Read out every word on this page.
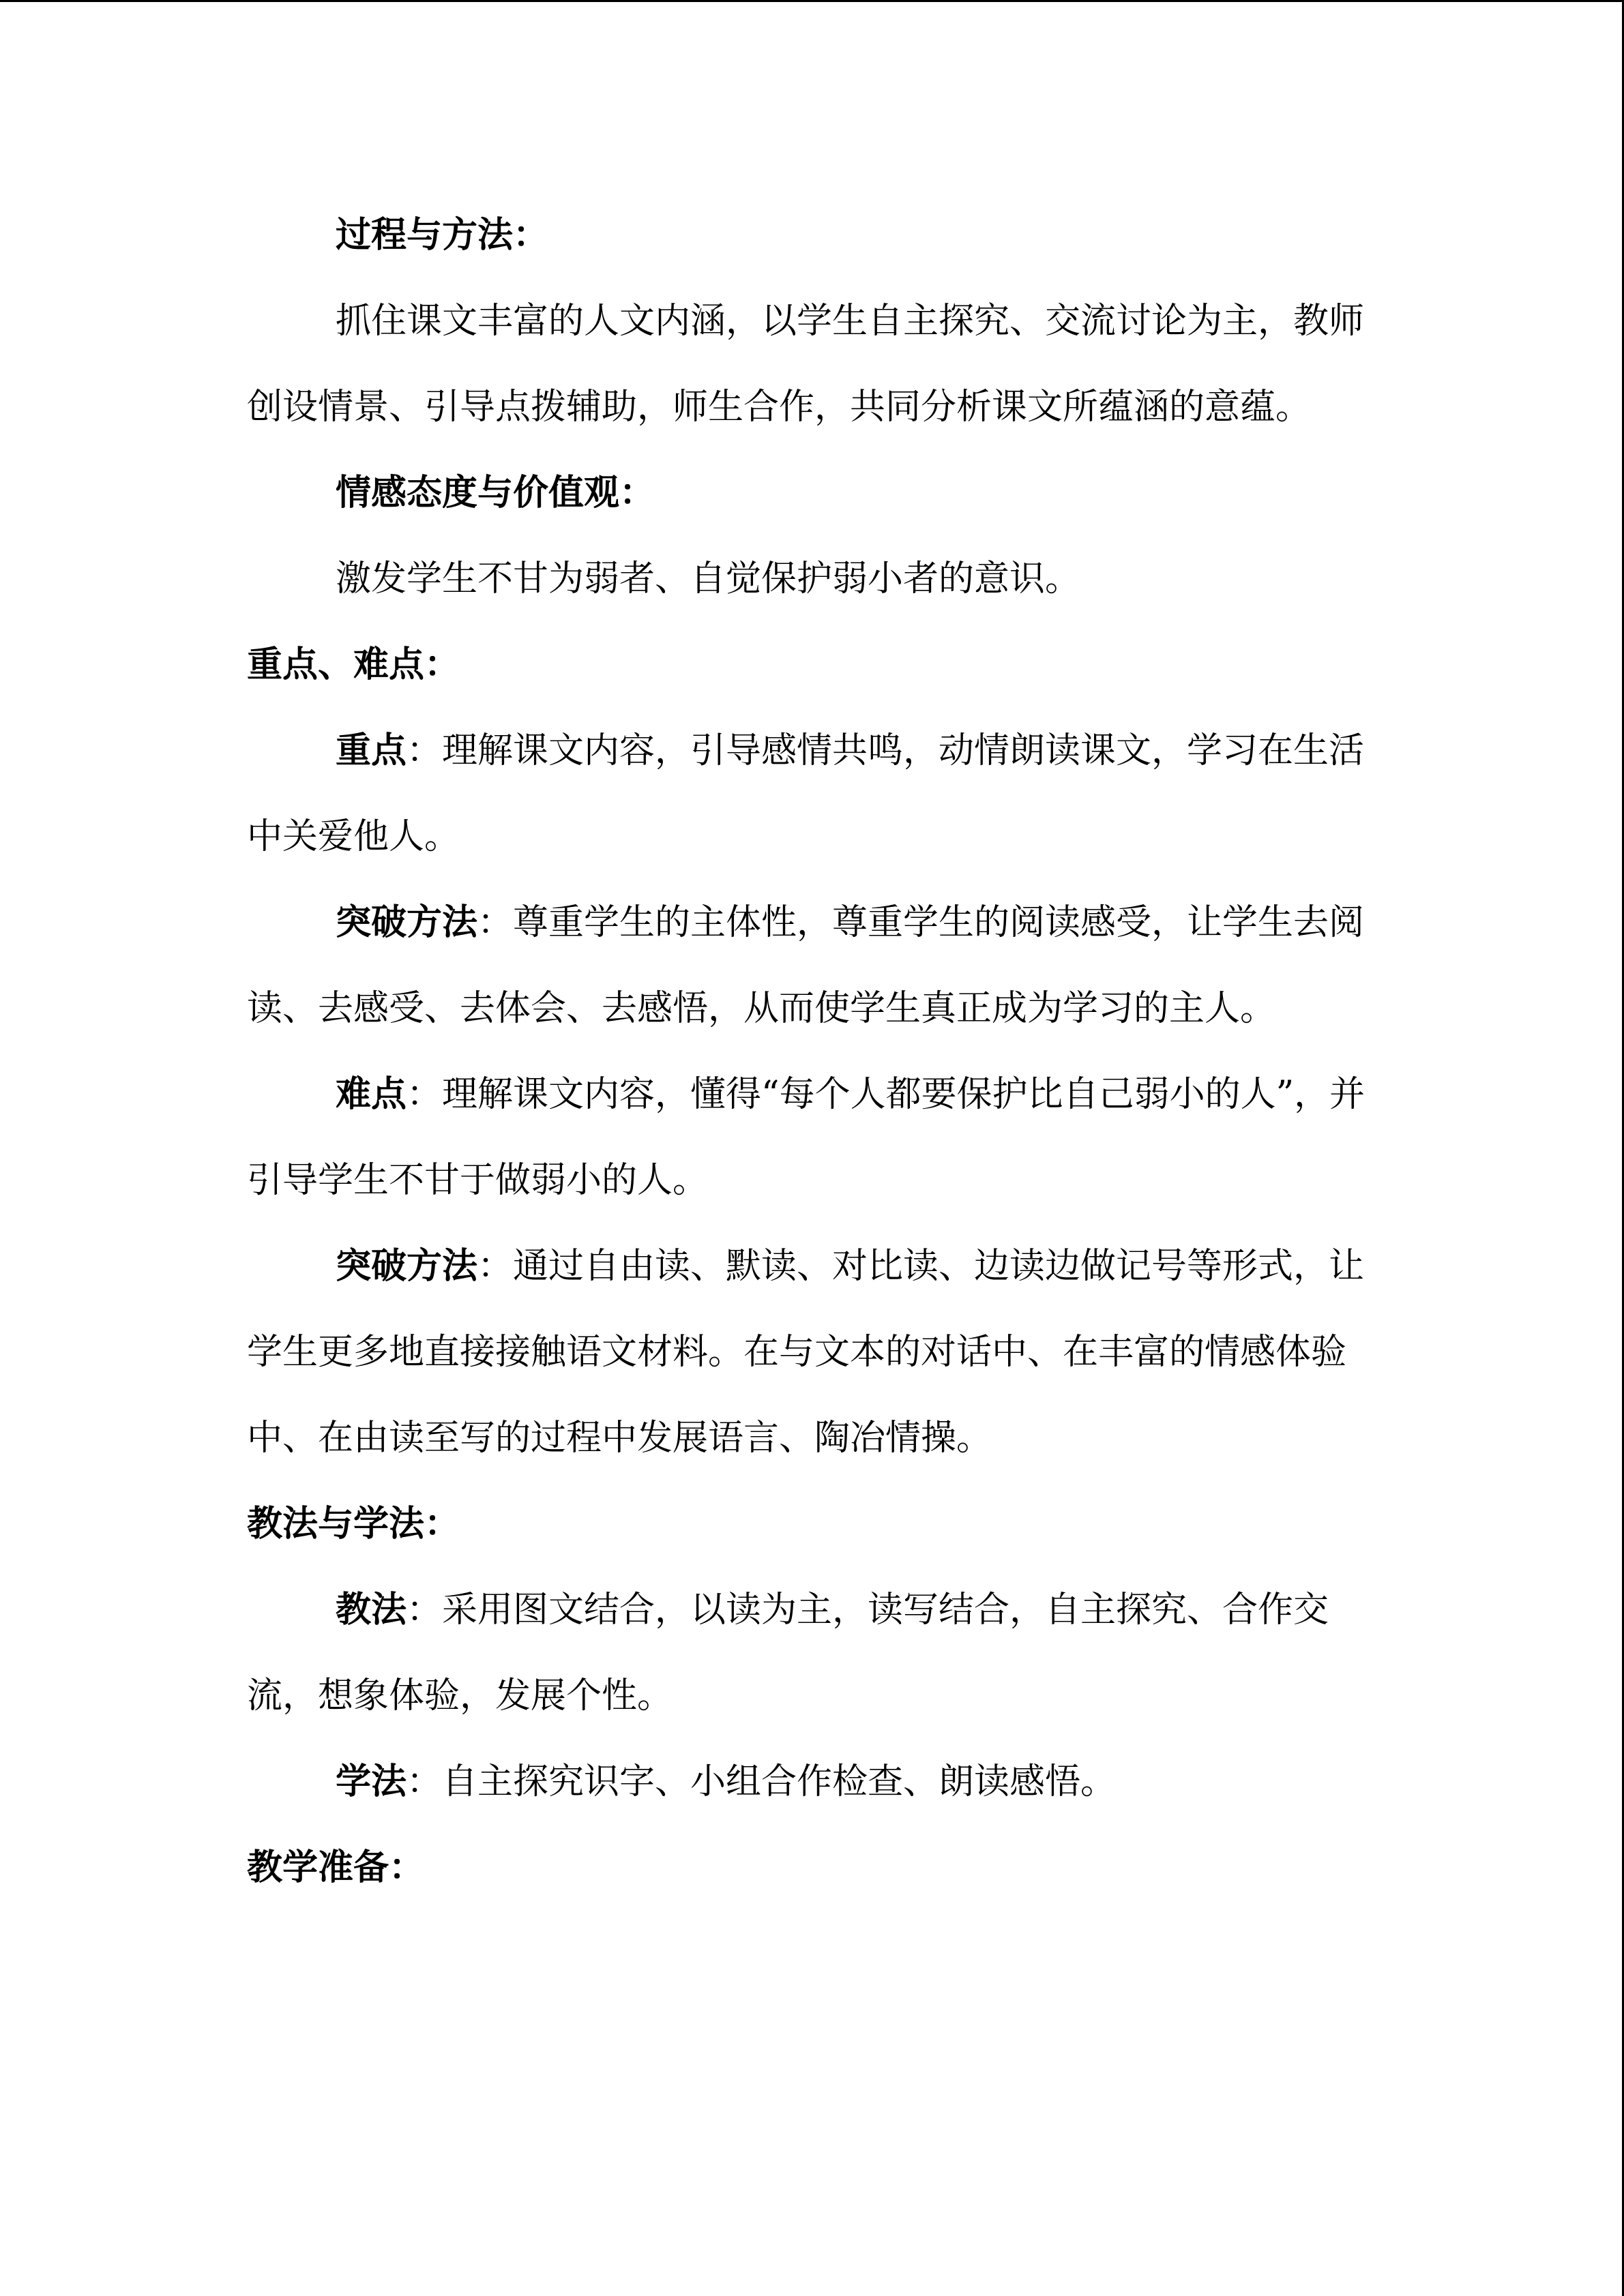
过程与方法：

抓住课文丰富的人文内涵，以学生自主探究、交流讨论为主，教师创设情景、引导点拨辅助，师生合作，共同分析课文所蕴涵的意蕴。

情感态度与价值观：

激发学生不甘为弱者、自觉保护弱小者的意识。

重点、难点：

重点：理解课文内容，引导感情共鸣，动情朗读课文，学习在生活中关爱他人。

突破方法：尊重学生的主体性，尊重学生的阅读感受，让学生去阅读、去感受、去体会、去感悟，从而使学生真正成为学习的主人。

难点：理解课文内容，懂得“每个人都要保护比自己弱小的人”，并引导学生不甘于做弱小的人。

突破方法：通过自由读、默读、对比读、边读边做记号等形式，让学生更多地直接接触语文材料。在与文本的对话中、在丰富的情感体验中、在由读至写的过程中发展语言、陶冶情操。

教法与学法：

教法：采用图文结合，以读为主，读写结合，自主探究、合作交流，想象体验，发展个性。

学法：自主探究识字、小组合作检查、朗读感悟。

教学准备：
